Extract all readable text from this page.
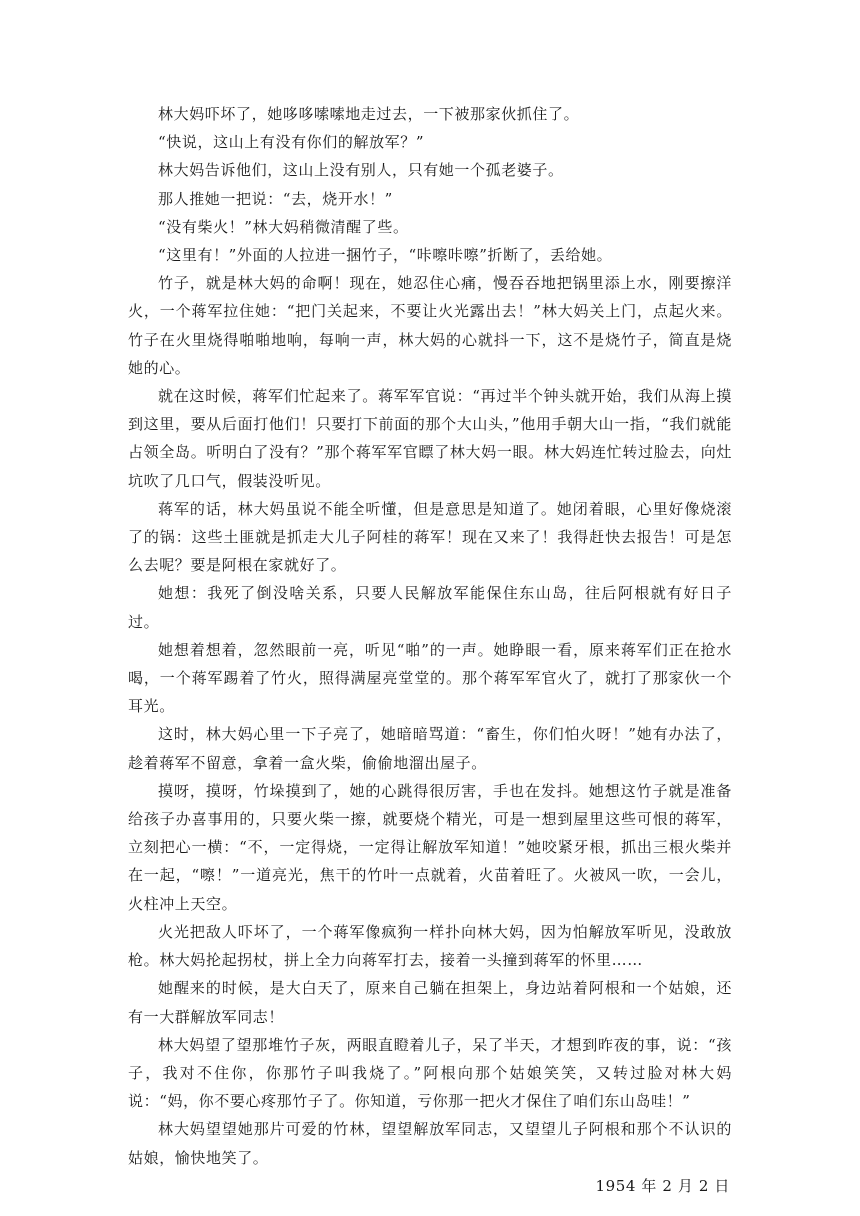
林大妈吓坏了，她哆哆嗦嗦地走过去，一下被那家伙抓住了。

“快说，这山上有没有你们的解放军？”

林大妈告诉他们，这山上没有别人，只有她一个孤老婆子。

那人推她一把说：“去，烧开水！”

“没有柴火！”林大妈稍微清醒了些。

“这里有！”外面的人拉进一捆竹子，“咔嚓咔嚓”折断了，丢给她。

竹子，就是林大妈的命啊！现在，她忍住心痛，慢吞吞地把锅里添上水，刚要擦洋火，一个蒋军拉住她：“把门关起来，不要让火光露出去！”林大妈关上门，点起火来。竹子在火里烧得啪啪地响，每响一声，林大妈的心就抖一下，这不是烧竹子，简直是烧她的心。

就在这时候，蒋军们忙起来了。蒋军军官说：“再过半个钟头就开始，我们从海上摸到这里，要从后面打他们！只要打下前面的那个大山头，”他用手朝大山一指，“我们就能占领全岛。听明白了没有？”那个蒋军军官瞟了林大妈一眼。林大妈连忙转过脸去，向灶坑吹了几口气，假装没听见。

蒋军的话，林大妈虽说不能全听懂，但是意思是知道了。她闭着眼，心里好像烧滚了的锅：这些土匪就是抓走大儿子阿桂的蒋军！现在又来了！我得赶快去报告！可是怎么去呢？要是阿根在家就好了。

她想：我死了倒没啥关系，只要人民解放军能保住东山岛，往后阿根就有好日子过。

她想着想着，忽然眼前一亮，听见“啪”的一声。她睁眼一看，原来蒋军们正在抢水喝，一个蒋军踢着了竹火，照得满屋亮堂堂的。那个蒋军军官火了，就打了那家伙一个耳光。

这时，林大妈心里一下子亮了，她暗暗骂道：“畜生，你们怕火呀！”她有办法了，趁着蒋军不留意，拿着一盒火柴，偷偷地溜出屋子。

摸呀，摸呀，竹垛摸到了，她的心跳得很厉害，手也在发抖。她想这竹子就是准备给孩子办喜事用的，只要火柴一擦，就要烧个精光，可是一想到屋里这些可恨的蒋军，立刻把心一横：“不，一定得烧，一定得让解放军知道！”她咬紧牙根，抓出三根火柴并在一起，“嚓！”一道亮光，焦干的竹叶一点就着，火苗着旺了。火被风一吹，一会儿，火柱冲上天空。

火光把敌人吓坏了，一个蒋军像疯狗一样扑向林大妈，因为怕解放军听见，没敢放枪。林大妈抡起拐杖，拼上全力向蒋军打去，接着一头撞到蒋军的怀里……

她醒来的时候，是大白天了，原来自己躺在担架上，身边站着阿根和一个姑娘，还有一大群解放军同志！

林大妈望了望那堆竹子灰，两眼直瞪着儿子，呆了半天，才想到昨夜的事，说：“孩子，我对不住你，你那竹子叫我烧了。”阿根向那个姑娘笑笑，又转过脸对林大妈说：“妈，你不要心疼那竹子了。你知道，亏你那一把火才保住了咱们东山岛哇！”

林大妈望望她那片可爱的竹林，望望解放军同志，又望望儿子阿根和那个不认识的姑娘，愉快地笑了。

1954 年 2 月 2 日
